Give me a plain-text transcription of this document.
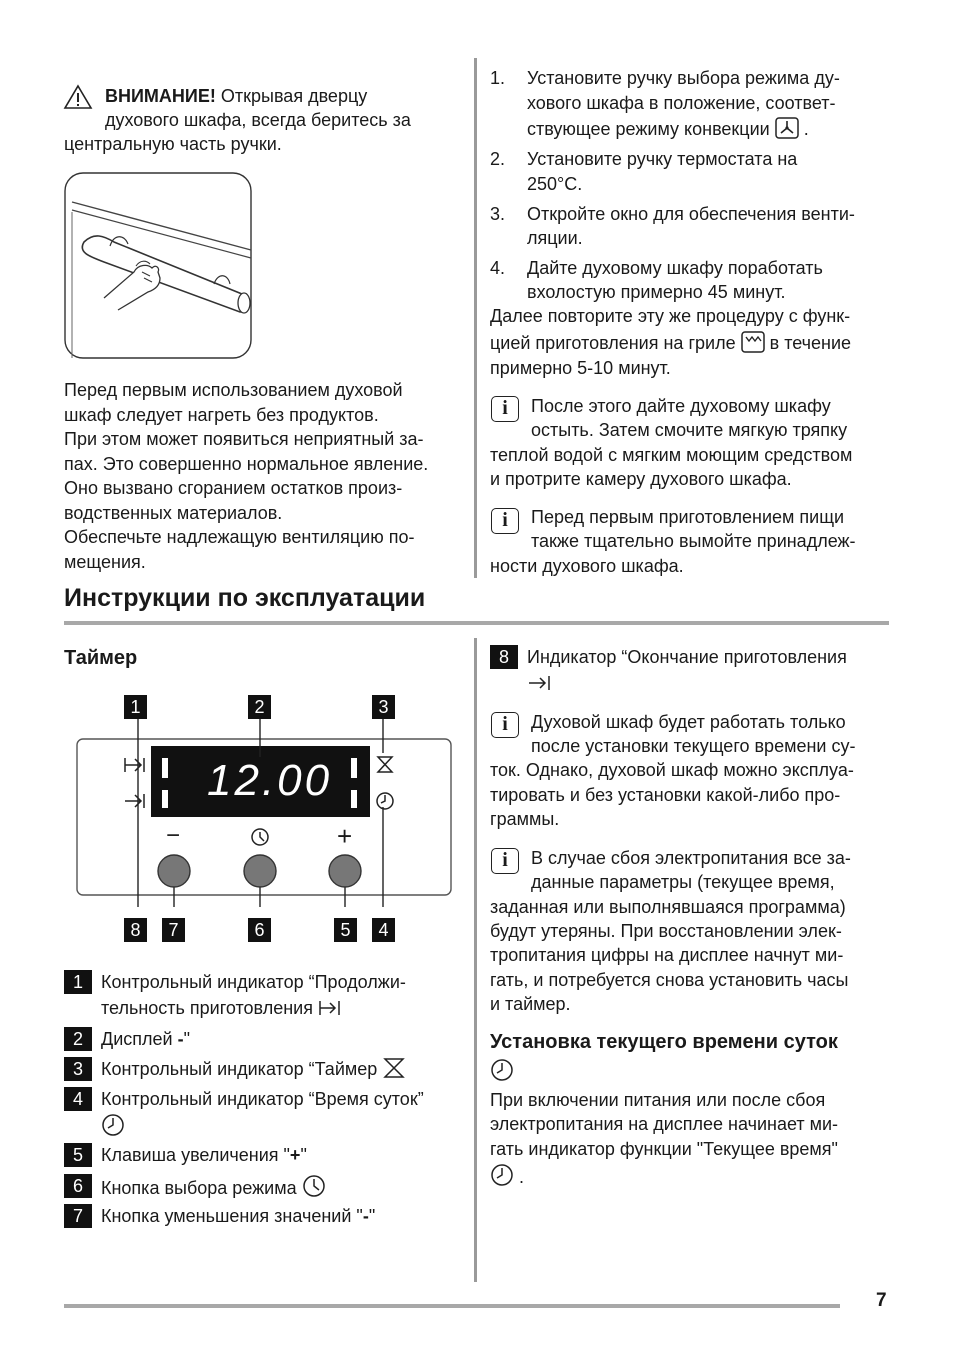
ВНИМАНИЕ! Открывая дверцу
духового шкафа, всегда беритесь за
центральную часть ручки.
Перед первым использованием духовой
шкаф следует нагреть без продуктов.
При этом может появиться неприятный за-
пах. Это совершенно нормальное явление.
Оно вызвано сгоранием остатков произ-
водственных материалов.
Обеспечьте надлежащую вентиляцию по-
мещения.
1. Установите ручку выбора режима ду-
хового шкафа в положение, соответ-
ствующее режиму конвекции .
2. Установите ручку термостата на
250°C.
3. Откройте окно для обеспечения венти-
ляции.
4. Дайте духовому шкафу поработать
вхолостую примерно 45 минут.
Далее повторите эту же процедуру с функ-
цией приготовления на гриле в течение
примерно 5-10 минут.
i	После этого дайте духовому шкафу
остыть. Затем смочите мягкую тряпку
теплой водой с мягким моющим средством
и протрите камеру духового шкафа.
i	Перед первым приготовлением пищи
также тщательно вымойте принадлеж-
ности духового шкафа.
Инструкции по эксплуатации
Таймер
12.00
−	+
1	2	3
8	7	6	5	4
1	Контрольный индикатор “Продолжи-
тельность приготовления
2	Дисплей -"
3	Контрольный индикатор “Таймер
4	Контрольный индикатор “Время суток”
5	Клавиша увеличения "+"
6	Кнопка выбора режима
7	Кнопка уменьшения значений "-"
8	Индикатор “Окончание приготовления
i	Духовой шкаф будет работать только
после установки текущего времени су-
ток. Однако, духовой шкаф можно эксплуа-
тировать и без установки какой-либо про-
граммы.
i	В случае сбоя электропитания все за-
данные параметры (текущее время,
заданная или выполнявшаяся программа)
будут утеряны. При восстановлении элек-
тропитания цифры на дисплее начнут ми-
гать, и потребуется снова установить часы
и таймер.
Установка текущего времени суток
При включении питания или после сбоя
электропитания на дисплее начинает ми-
гать индикатор функции "Текущее время"
.
7
